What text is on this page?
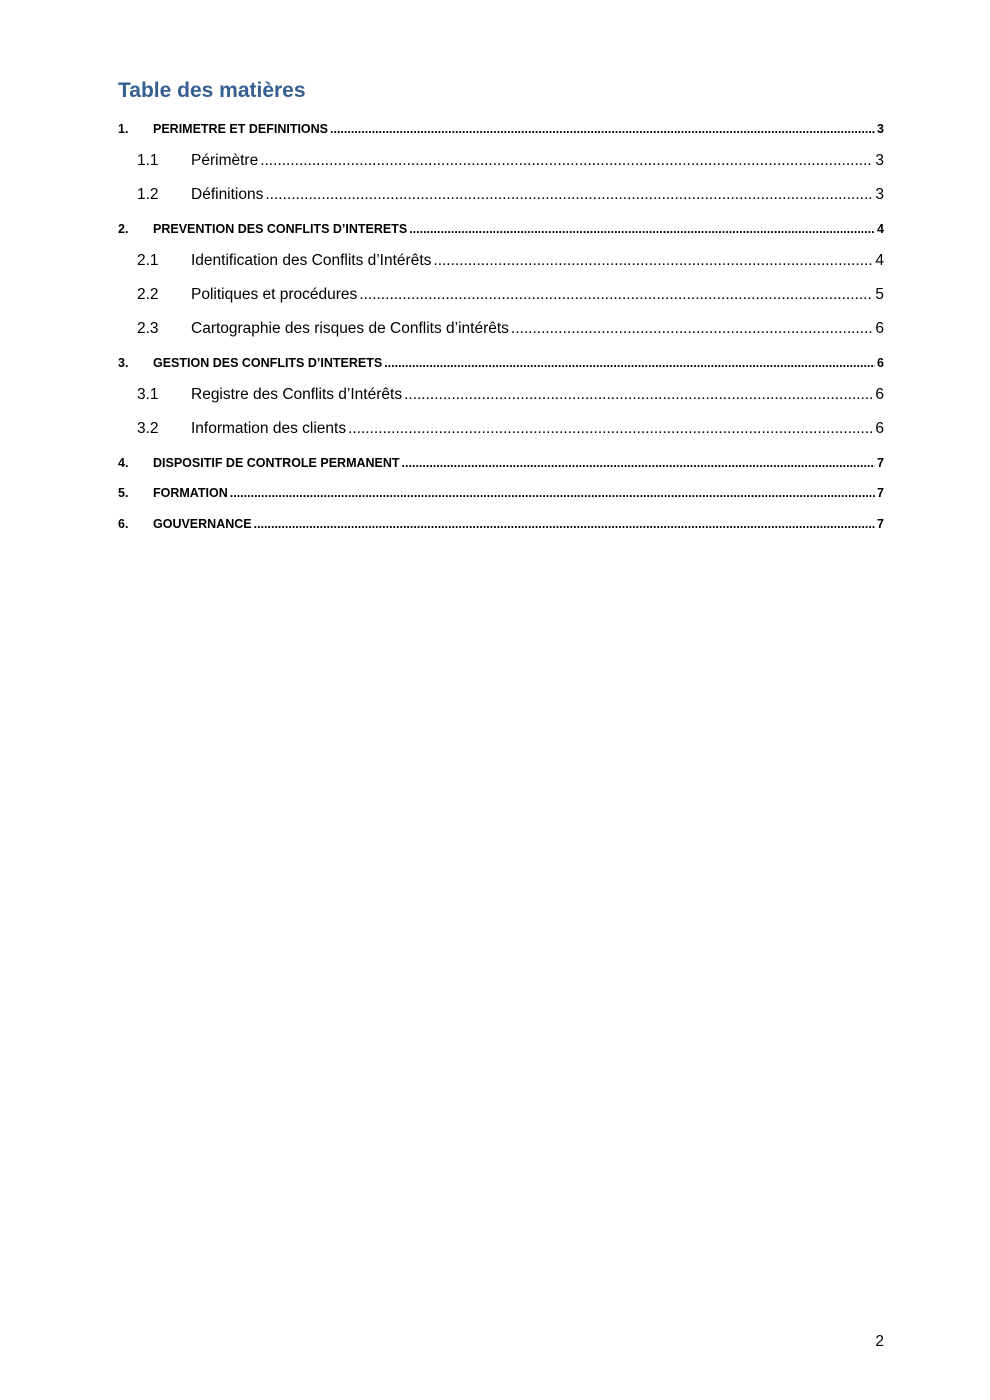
Table des matières
1.	PERIMETRE ET DEFINITIONS .....	3
1.1	Périmètre .....	3
1.2	Définitions .....	3
2.	PREVENTION DES CONFLITS D’INTERETS .....	4
2.1	Identification des Conflits d’Intérêts .....	4
2.2	Politiques et procédures .....	5
2.3	Cartographie des risques de Conflits d’intérêts .....	6
3.	GESTION DES CONFLITS D’INTERETS .....	6
3.1	Registre des Conflits d’Intérêts .....	6
3.2	Information des clients .....	6
4.	DISPOSITIF DE CONTROLE PERMANENT .....	7
5.	FORMATION .....	7
6.	GOUVERNANCE .....	7
2
